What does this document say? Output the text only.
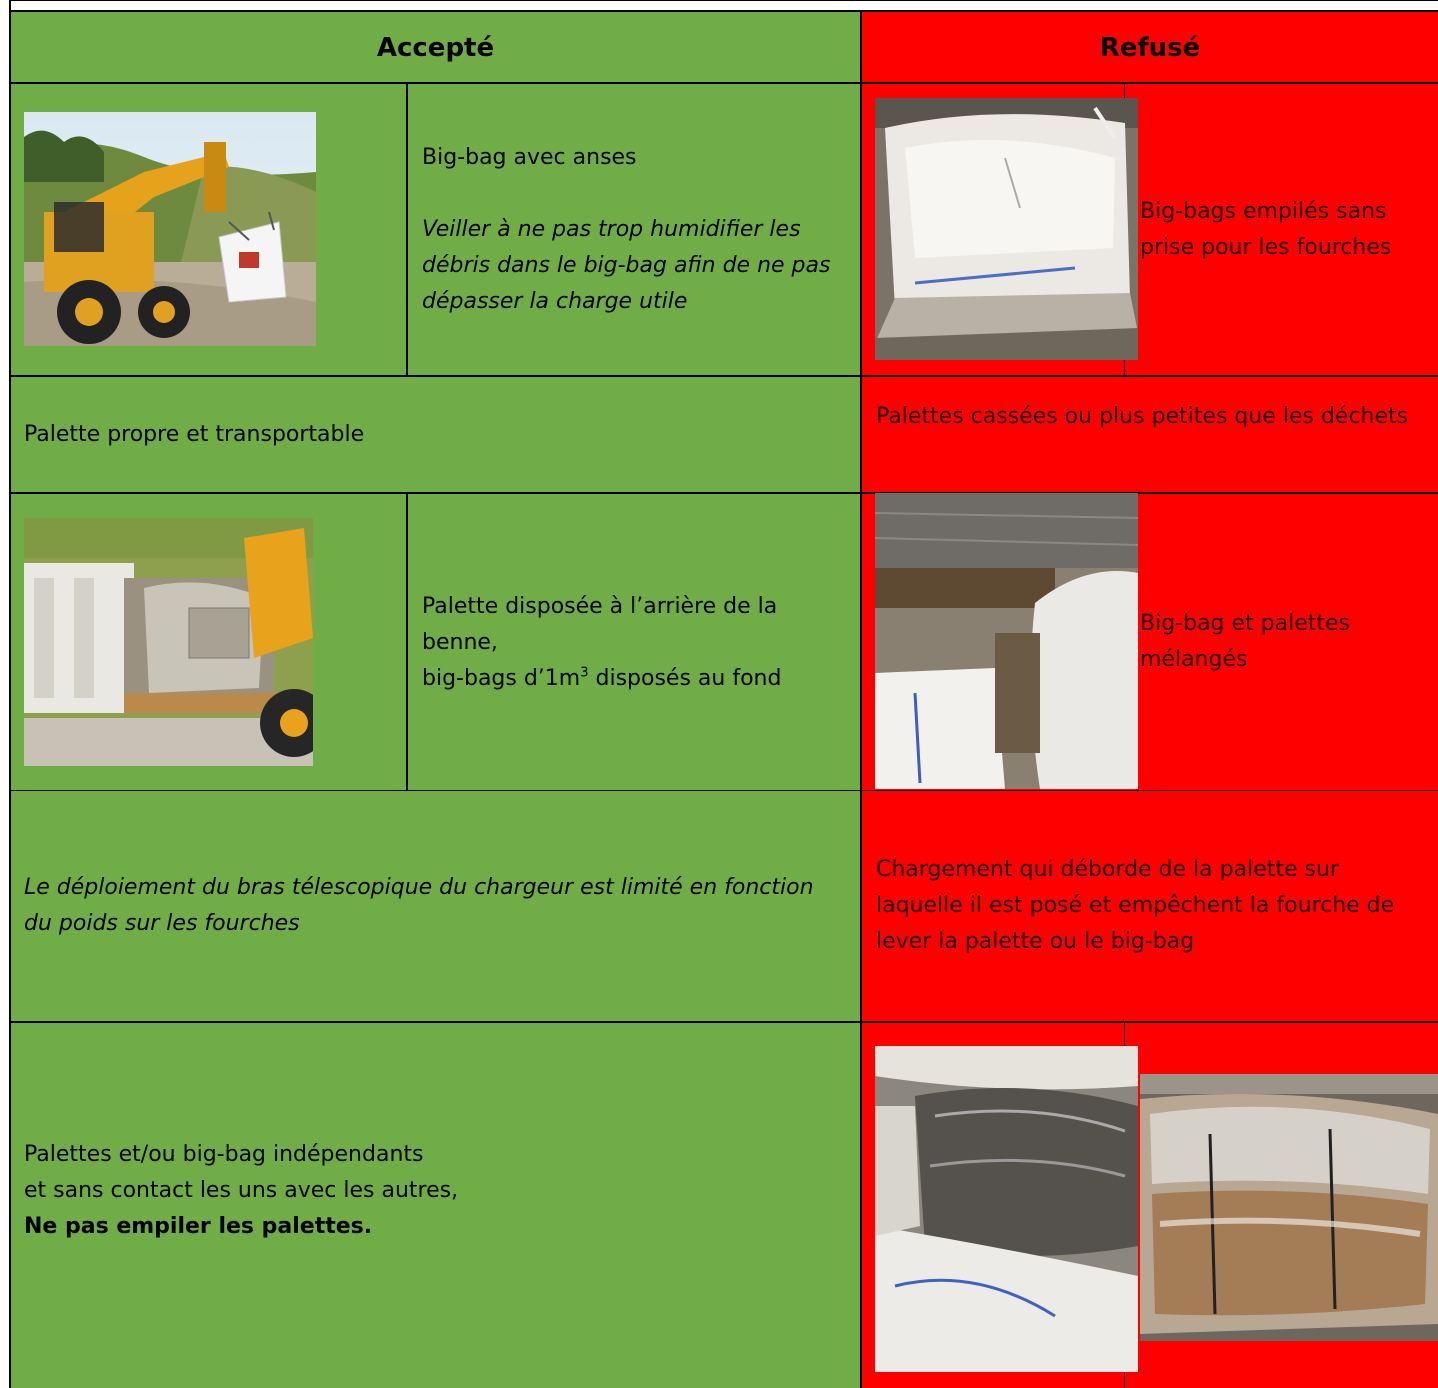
Accepté	Refusé
Big-bag avec anses
Veiller à ne pas trop humidifier les débris dans le big-bag afin de ne pas dépasser la charge utile
Big-bags empilés sans prise pour les fourches
Palette propre et transportable
Palettes cassées ou plus petites que les déchets

Palette disposée à l’arrière de la benne,

big-bags $d’1m^3$ disposés au fond

Big-bag et palettes mélangés
Le déploiement du bras télescopique du chargeur est limité en fonction du poids sur les fourches
Chargement qui déborde de la palette sur laquelle il est posé et empêchent la fourche de lever la palette ou le big-bag

Palettes et/ou big-bag indépendants

et sans contact les uns avec les autres,

Ne pas empiler les palettes.
